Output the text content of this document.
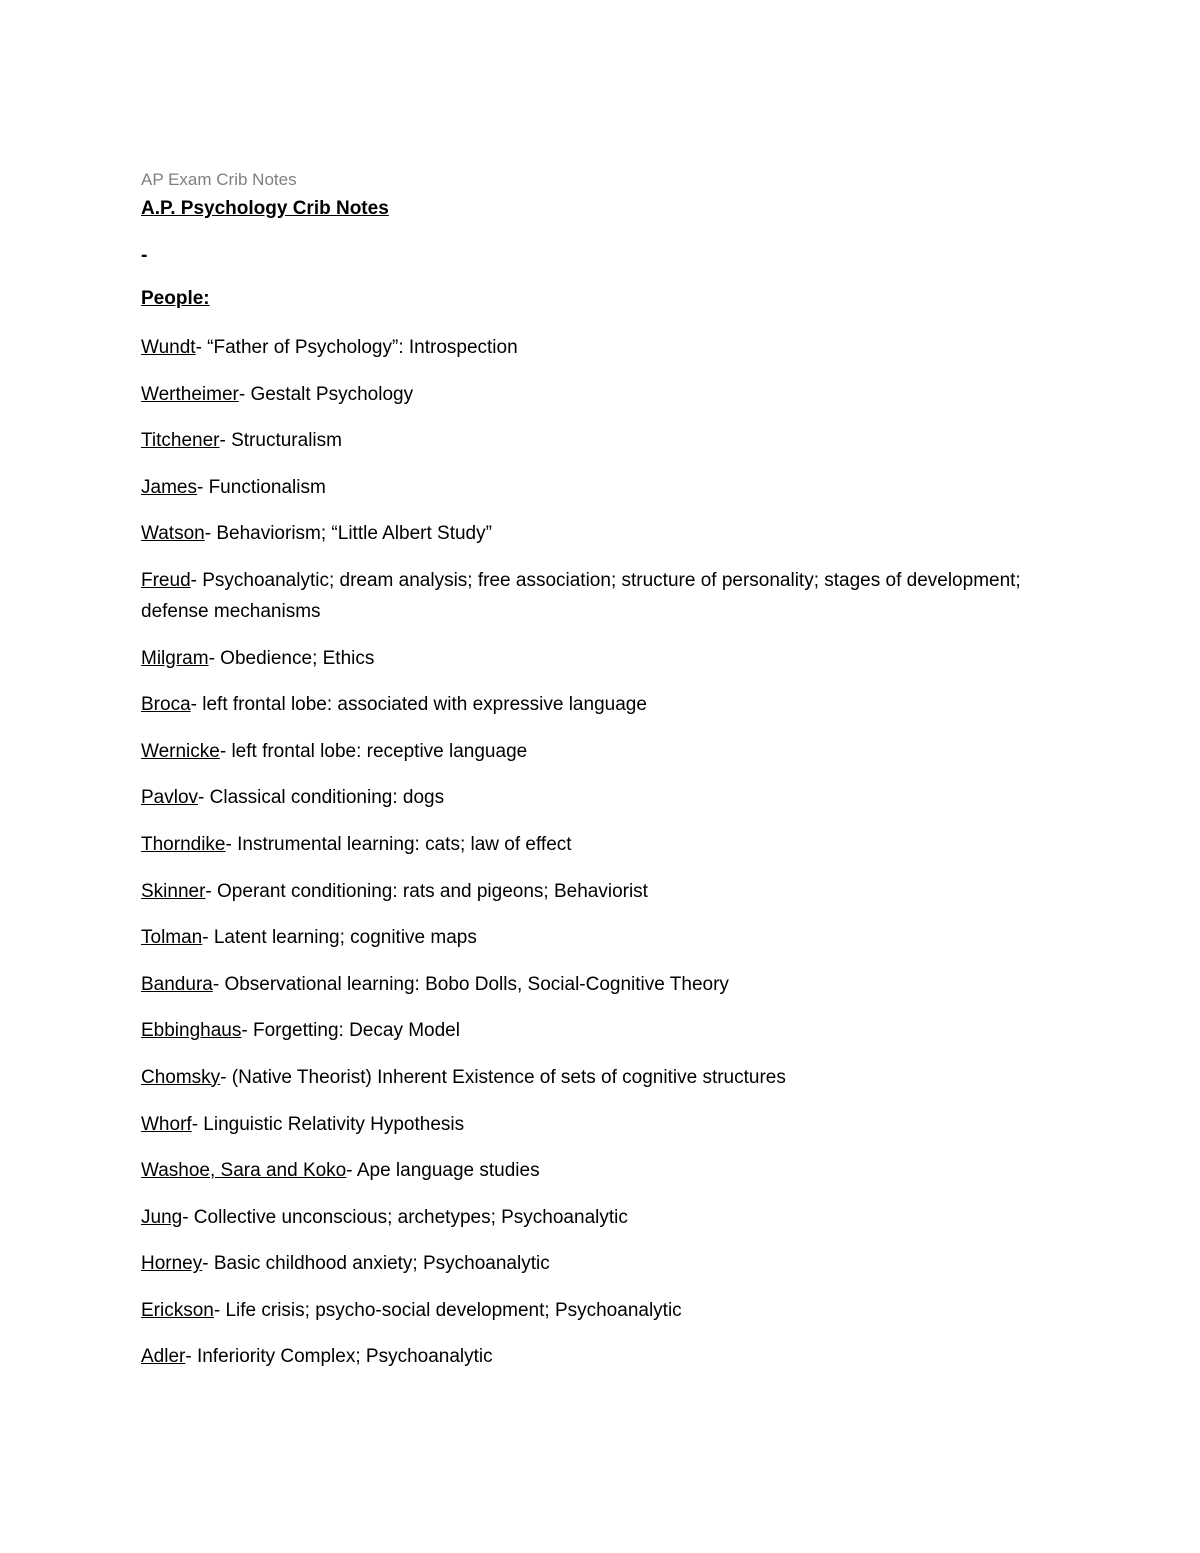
AP Exam Crib Notes
A.P. Psychology Crib Notes
-
People:
Wundt- “Father of Psychology”: Introspection
Wertheimer- Gestalt Psychology
Titchener- Structuralism
James- Functionalism
Watson- Behaviorism; “Little Albert Study”
Freud- Psychoanalytic; dream analysis; free association; structure of personality; stages of development; defense mechanisms
Milgram- Obedience; Ethics
Broca- left frontal lobe: associated with expressive language
Wernicke- left frontal lobe: receptive language
Pavlov- Classical conditioning: dogs
Thorndike- Instrumental learning: cats; law of effect
Skinner- Operant conditioning: rats and pigeons; Behaviorist
Tolman- Latent learning; cognitive maps
Bandura- Observational learning: Bobo Dolls, Social-Cognitive Theory
Ebbinghaus- Forgetting: Decay Model
Chomsky- (Native Theorist) Inherent Existence of sets of cognitive structures
Whorf- Linguistic Relativity Hypothesis
Washoe, Sara and Koko- Ape language studies
Jung- Collective unconscious; archetypes; Psychoanalytic
Horney- Basic childhood anxiety; Psychoanalytic
Erickson- Life crisis; psycho-social development; Psychoanalytic
Adler- Inferiority Complex; Psychoanalytic
